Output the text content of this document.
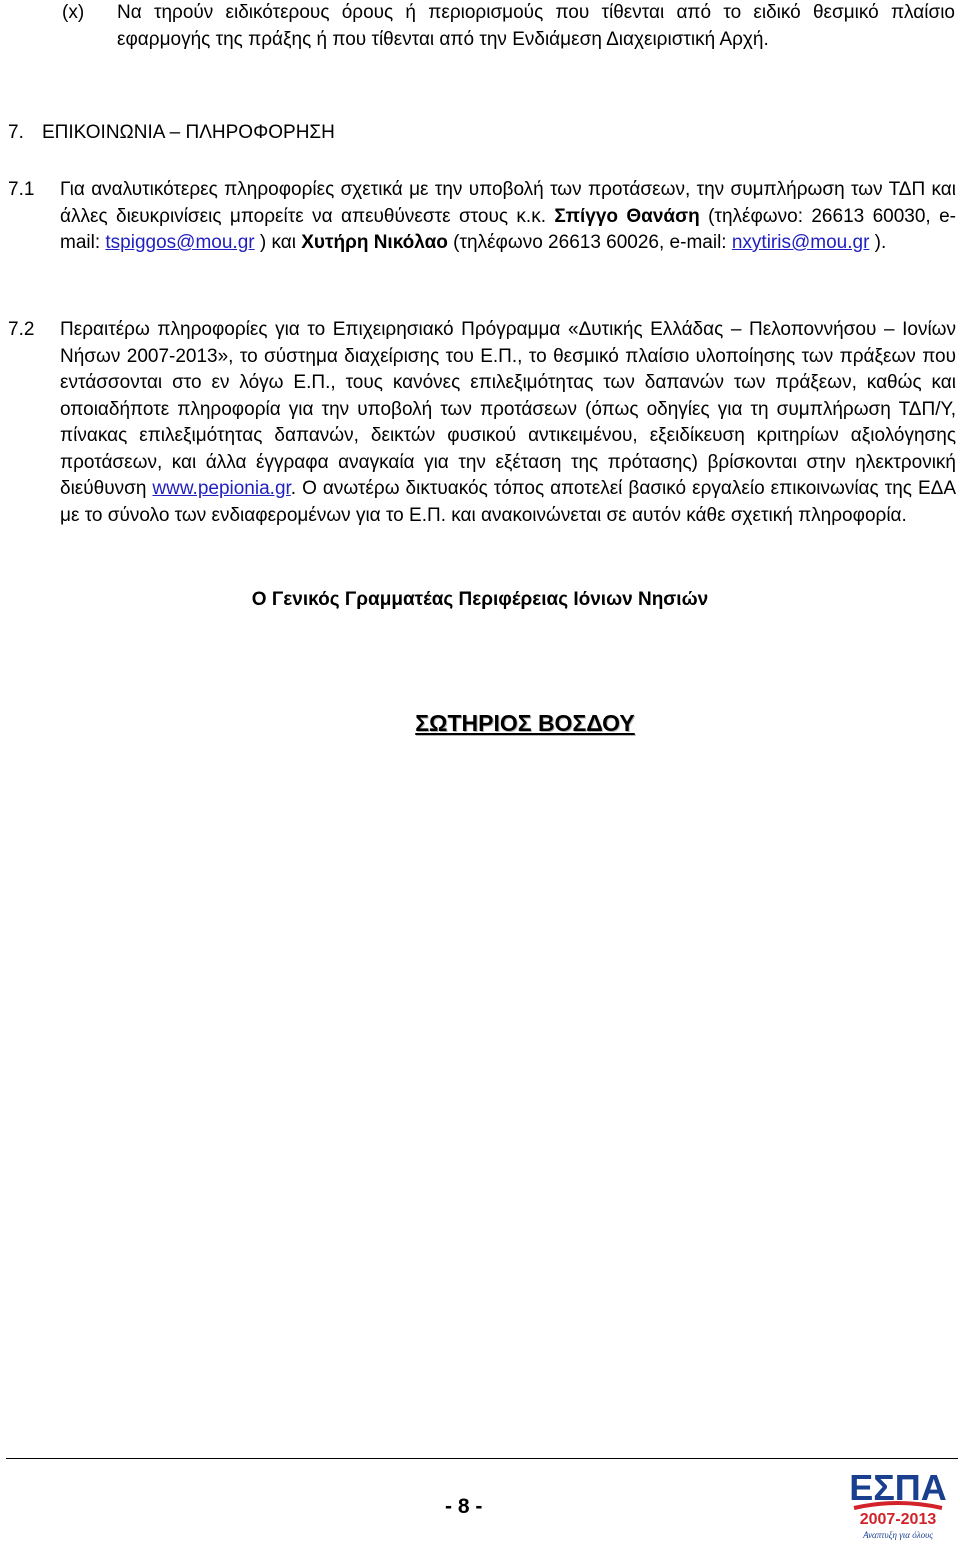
(x) Να τηρούν ειδικότερους όρους ή περιορισμούς που τίθενται από το ειδικό θεσμικό πλαίσιο εφαρμογής της πράξης ή που τίθενται από την Ενδιάμεση Διαχειριστική Αρχή.

7. ΕΠΙΚΟΙΝΩΝΙΑ – ΠΛΗΡΟΦΟΡΗΣΗ
7.1 Για αναλυτικότερες πληροφορίες σχετικά με την υποβολή των προτάσεων, την συμπλήρωση των ΤΔΠ και άλλες διευκρινίσεις μπορείτε να απευθύνεστε στους κ.κ. Σπίγγο Θανάση (τηλέφωνο: 26613 60030, e-mail: tspiggos@mou.gr ) και Χυτήρη Νικόλαο (τηλέφωνο 26613 60026, e-mail: nxytiris@mou.gr ).

7.2 Περαιτέρω πληροφορίες για το Επιχειρησιακό Πρόγραμμα «Δυτικής Ελλάδας – Πελοποννήσου – Ιονίων Νήσων 2007-2013», το σύστημα διαχείρισης του Ε.Π., το θεσμικό πλαίσιο υλοποίησης των πράξεων που εντάσσονται στο εν λόγω Ε.Π., τους κανόνες επιλεξιμότητας των δαπανών των πράξεων, καθώς και οποιαδήποτε πληροφορία για την υποβολή των προτάσεων (όπως οδηγίες για τη συμπλήρωση ΤΔΠ/Υ, πίνακας επιλεξιμότητας δαπανών, δεικτών φυσικού αντικειμένου, εξειδίκευση κριτηρίων αξιολόγησης προτάσεων, και άλλα έγγραφα αναγκαία για την εξέταση της πρότασης) βρίσκονται στην ηλεκτρονική διεύθυνση www.pepionia.gr. Ο ανωτέρω δικτυακός τόπος αποτελεί βασικό εργαλείο επικοινωνίας της ΕΔΑ με το σύνολο των ενδιαφερομένων για το Ε.Π. και ανακοινώνεται σε αυτόν κάθε σχετική πληροφορία.

Ο Γενικός Γραμματέας Περιφέρειας Ιόνιων Νησιών
ΣΩΤΗΡΙΟΣ ΒΟΣΔΟΥ
- 8 -	ΕΣΠΑ
2007-2013
Αναπτυξη για όλους
